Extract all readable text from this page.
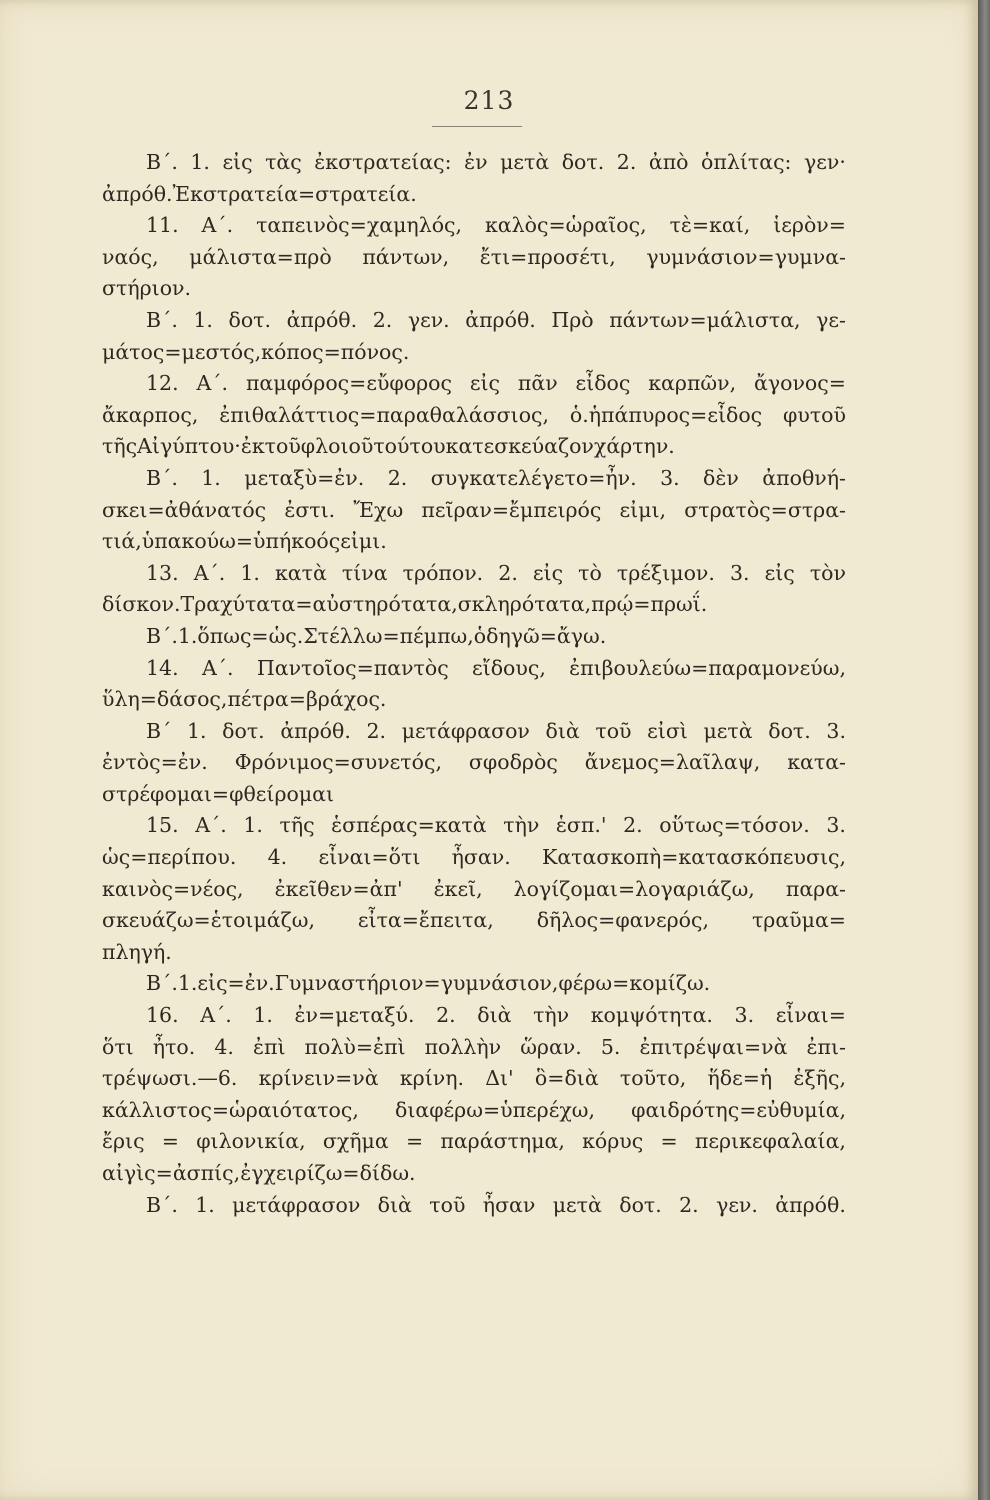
213
Β΄. 1. εἰς τὰς ἐκστρατείας: ἐν μετὰ δοτ. 2. ἀπὸ ὁπλίτας: γεν·
ἀπρόθ. Ἐκστρατεία=στρατεία.
11. Α΄. ταπεινὸς=χαμηλός, καλὸς=ὡραῖος, τὲ=καί, ἱερὸν=
ναός, μάλιστα=πρὸ πάντων, ἔτι=προσέτι, γυμνάσιον=γυμνα-
στήριον.
Β΄. 1. δοτ. ἀπρόθ. 2. γεν. ἀπρόθ. Πρὸ πάντων=μάλιστα, γε-
μάτος=μεστός, κόπος=πόνος.
12. Α΄. παμφόρος=εὔφορος εἰς πᾶν εἶδος καρπῶν, ἄγονος=
ἄκαρπος, ἐπιθαλάττιος=παραθαλάσσιος, ὁ.ἡπάπυρος=εἶδος φυτοῦ
τῆς Αἰγύπτου· ἐκ τοῦ φλοιοῦ τούτου κατεσκεύαζον χάρτην.
Β΄. 1. μεταξὺ=ἐν. 2. συγκατελέγετο=ἦν. 3. δὲν ἀποθνή-
σκει=ἀθάνατός ἐστι. Ἔχω πεῖραν=ἔμπειρός εἰμι, στρατὸς=στρα-
τιά, ὑπακούω=ὑπήκοός εἰμι.
13. Α΄. 1. κατὰ τίνα τρόπον. 2. εἰς τὸ τρέξιμον. 3. εἰς τὸν
δίσκον. Τραχύτατα=αὐστηρότατα, σκληρότατα, πρῴ=πρωΐ.
Β΄. 1. ὅπως=ὡς. Στέλλω=πέμπω, ὁδηγῶ=ἄγω.
14. Α΄. Παντοῖος=παντὸς εἴδους, ἐπιβουλεύω=παραμονεύω,
ὕλη=δάσος, πέτρα=βράχος.
Β΄ 1. δοτ. ἀπρόθ. 2. μετάφρασον διὰ τοῦ εἰσὶ μετὰ δοτ. 3.
ἐντὸς=ἐν. Φρόνιμος=συνετός, σφοδρὸς ἄνεμος=λαῖλαψ, κατα-
στρέφομαι=φθείρομαι
15. Α΄. 1. τῆς ἑσπέρας=κατὰ τὴν ἑσπ.' 2. οὕτως=τόσον. 3.
ὡς=περίπου. 4. εἶναι=ὅτι ἦσαν. Κατασκοπὴ=κατασκόπευσις,
καινὸς=νέος, ἐκεῖθεν=ἀπ' ἐκεῖ, λογίζομαι=λογαριάζω, παρα-
σκευάζω=ἑτοιμάζω, εἶτα=ἔπειτα, δῆλος=φανερός, τραῦμα=
πληγή.
Β΄. 1. εἰς=ἐν. Γυμναστήριον=γυμνάσιον, φέρω=κομίζω.
16. Α΄. 1. ἐν=μεταξύ. 2. διὰ τὴν κομψότητα. 3. εἶναι=
ὅτι ἦτο. 4. ἐπὶ πολὺ=ἐπὶ πολλὴν ὥραν. 5. ἐπιτρέψαι=νὰ ἐπι-
τρέψωσι.—6. κρίνειν=νὰ κρίνη. Δι' ὃ=διὰ τοῦτο, ἥδε=ἡ ἑξῆς,
κάλλιστος=ὡραιότατος, διαφέρω=ὑπερέχω, φαιδρότης=εὐθυμία,
ἔρις = φιλονικία, σχῆμα = παράστημα, κόρυς = περικεφαλαία,
αἰγὶς=ἀσπίς, ἐγχειρίζω=δίδω.
Β΄. 1. μετάφρασον διὰ τοῦ ἦσαν μετὰ δοτ. 2. γεν. ἀπρόθ.
